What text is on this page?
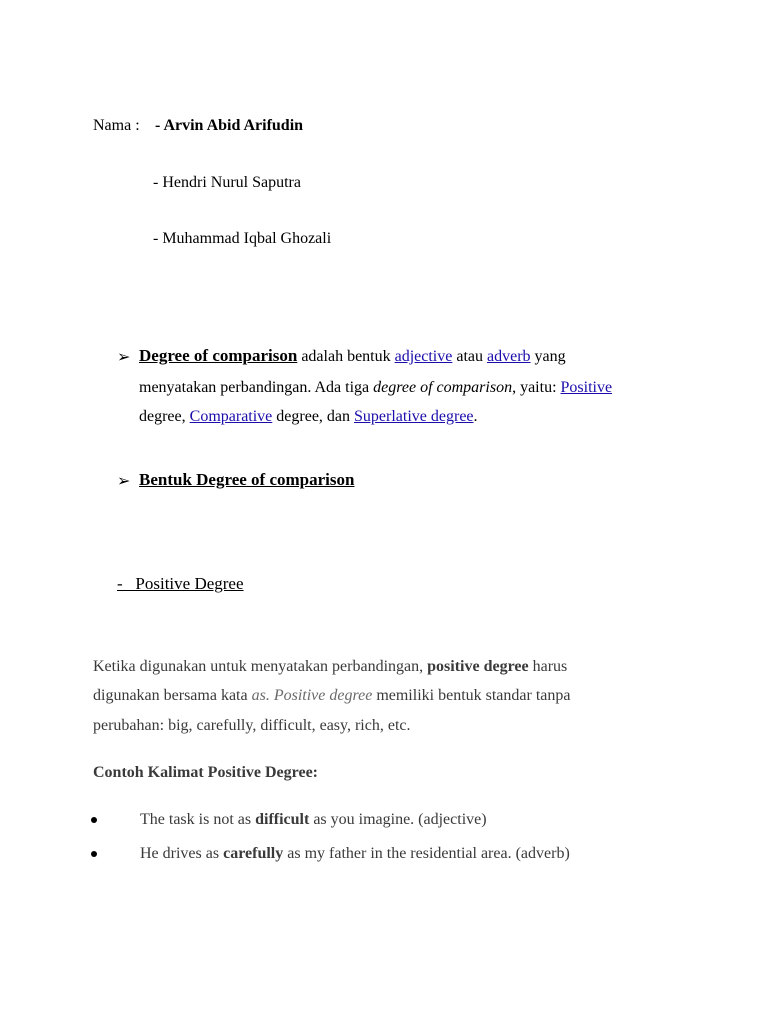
Nama : - Arvin Abid Arifudin
- Hendri Nurul Saputra
- Muhammad Iqbal Ghozali
➢ Degree of comparison adalah bentuk adjective atau adverb yang
menyatakan perbandingan. Ada tiga degree of comparison, yaitu: Positive
degree, Comparative degree, dan Superlative degree.
➢ Bentuk Degree of comparison
-   Positive Degree
Ketika digunakan untuk menyatakan perbandingan, positive degree harus
digunakan bersama kata as. Positive degree memiliki bentuk standar tanpa
perubahan: big, carefully, difficult, easy, rich, etc.
Contoh Kalimat Positive Degree:
The task is not as difficult as you imagine. (adjective)
He drives as carefully as my father in the residential area. (adverb)
